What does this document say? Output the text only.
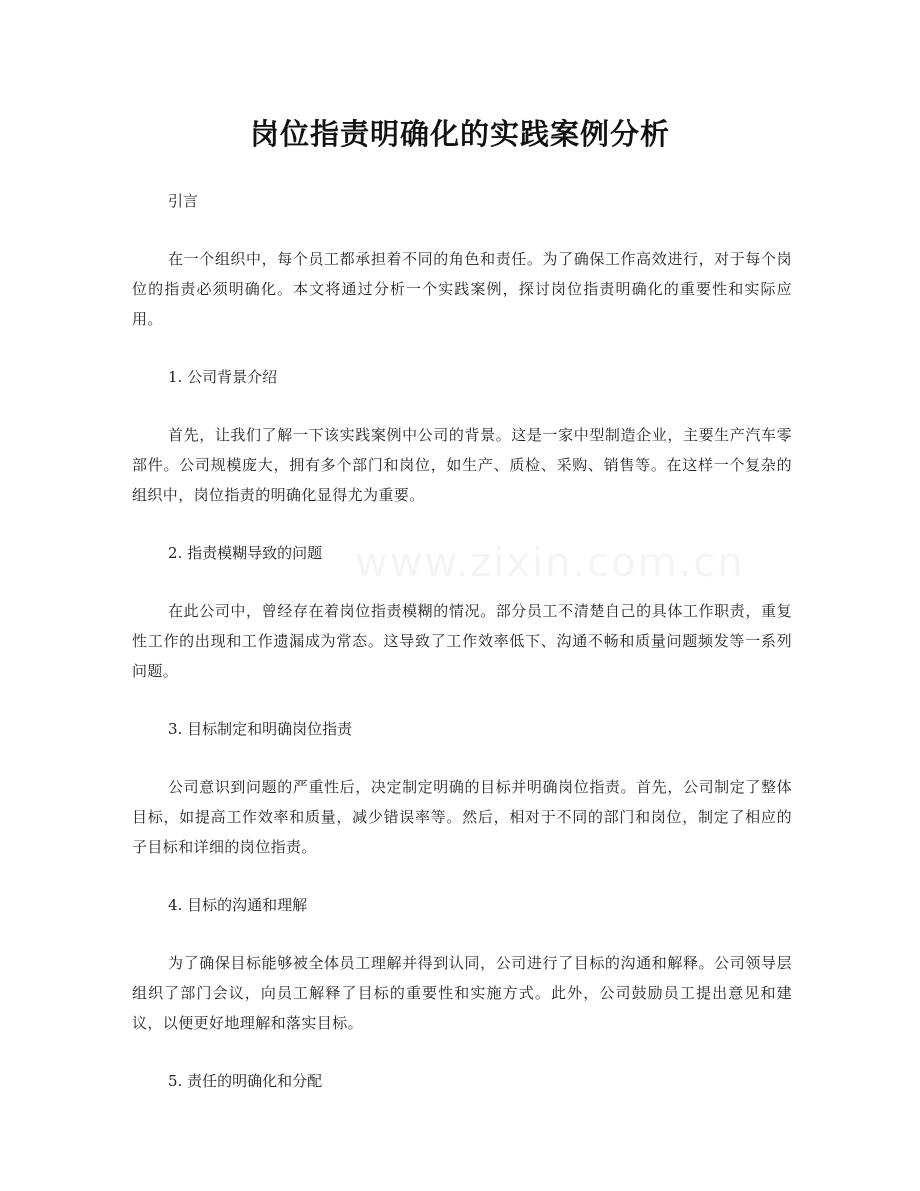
岗位指责明确化的实践案例分析

引言

在一个组织中，每个员工都承担着不同的角色和责任。为了确保工作高效进行，对于每个岗位的指责必须明确化。本文将通过分析一个实践案例，探讨岗位指责明确化的重要性和实际应用。

1. 公司背景介绍

首先，让我们了解一下该实践案例中公司的背景。这是一家中型制造企业，主要生产汽车零部件。公司规模庞大，拥有多个部门和岗位，如生产、质检、采购、销售等。在这样一个复杂的组织中，岗位指责的明确化显得尤为重要。

2. 指责模糊导致的问题

在此公司中，曾经存在着岗位指责模糊的情况。部分员工不清楚自己的具体工作职责，重复性工作的出现和工作遗漏成为常态。这导致了工作效率低下、沟通不畅和质量问题频发等一系列问题。

3. 目标制定和明确岗位指责

公司意识到问题的严重性后，决定制定明确的目标并明确岗位指责。首先，公司制定了整体目标，如提高工作效率和质量，减少错误率等。然后，相对于不同的部门和岗位，制定了相应的子目标和详细的岗位指责。

4. 目标的沟通和理解

为了确保目标能够被全体员工理解并得到认同，公司进行了目标的沟通和解释。公司领导层组织了部门会议，向员工解释了目标的重要性和实施方式。此外，公司鼓励员工提出意见和建议，以便更好地理解和落实目标。

5. 责任的明确化和分配
